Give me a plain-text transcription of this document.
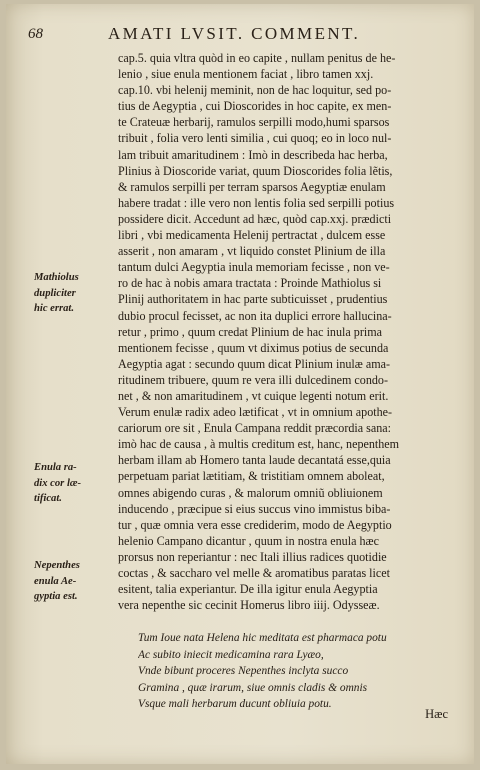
68	AMATI LVSIT. COMMENT.
cap.5. quia vltra quòd in eo capite , nullam penitus de he-
lenio , siue enula mentionem faciat , libro tamen xxj.
cap.10. vbi helenij meminit, non de hac loquitur, sed po-
tius de Aegyptia , cui Dioscorides in hoc capite, ex men-
te Crateuæ herbarij, ramulos serpilli modo,humi sparsos
tribuit , folia vero lenti similia , cui quoq; eo in loco nul-
lam tribuit amaritudinem : Imò in describeda hac herba,
Plinius à Dioscoride variat, quum Dioscorides folia lẽtis,
& ramulos serpilli per terram sparsos Aegyptiæ enulam
habere tradat : ille vero non lentis folia sed serpilli potius
possidere dicit. Accedunt ad hæc, quòd cap.xxj. prædicti
libri , vbi medicamenta Helenij pertractat , dulcem esse
asserit , non amaram , vt liquido constet Plinium de illa
tantum dulci Aegyptia inula memoriam fecisse , non ve-
ro de hac à nobis amara tractata : Proinde Mathiolus si
Plinij authoritatem in hac parte subticuisset , prudentius
dubio procul fecisset, ac non ita duplici errore hallucina-
retur , primo , quum credat Plinium de hac inula prima
mentionem fecisse , quum vt diximus potius de secunda
Aegyptia agat : secundo quum dicat Plinium inulæ ama-
ritudinem tribuere, quum re vera illi dulcedinem condo-
net , & non amaritudinem , vt cuique legenti notum erit.
Verum enulæ radix adeo lætificat , vt in omnium apothe-
cariorum ore sit , Enula Campana reddit præcordia sana:
imò hac de causa , à multis creditum est, hanc, nepenthem
herbam illam ab Homero tanta laude decantatá esse,quia
perpetuam pariat lætitiam, & tristitiam omnem aboleat,
omnes abigendo curas , & malorum omniũ obliuionem
inducendo , præcipue si eius succus vino immistus biba-
tur , quæ omnia vera esse crediderim, modo de Aegyptio
helenio Campano dicantur , quum in nostra enula hæc
prorsus non reperiantur : nec Itali illius radices quotidie
coctas , & saccharo vel melle & aromatibus paratas licet
esitent, talia experiantur. De illa igitur enula Aegyptia
vera nepenthe sic cecinit Homerus libro iiij. Odysseæ.
Tum Ioue nata Helena hic meditata est pharmaca potu
Ac subito iniecit medicamina rara Lyæo,
Vnde bibunt proceres Nepenthes inclyta succo
Gramina , quæ irarum, siue omnis cladis & omnis
Vsque mali herbarum ducunt obliuia potu.
Mathiolus
dupliciter
hic errat.
Enula ra-
dix cor læ-
tificat.
Nepenthes
enula Ae-
gyptia est.
Hæc
